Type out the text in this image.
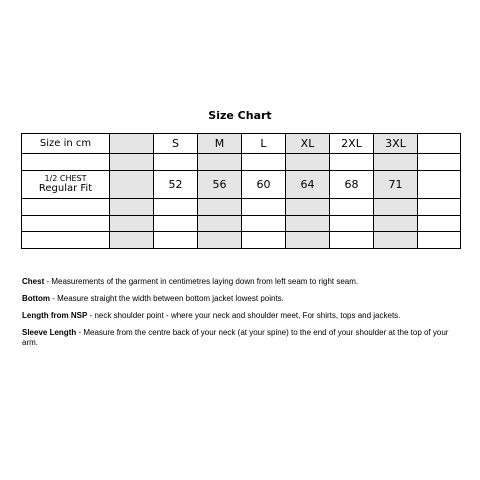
Size Chart
Size in cm		S	M	L	XL	2XL	3XL	

1/2 CHEST
Regular Fit		52	56	60	64	68	71	

Chest - Measurements of the garment in centimetres laying down from left seam to right seam.

Bottom - Measure straight the width between bottom jacket lowest points.

Length from NSP - neck shoulder point - where your neck and shoulder meet, For shirts, tops and jackets.

Sleeve Length - Measure from the centre back of your neck (at your spine) to the end of your shoulder at the top of your arm.
